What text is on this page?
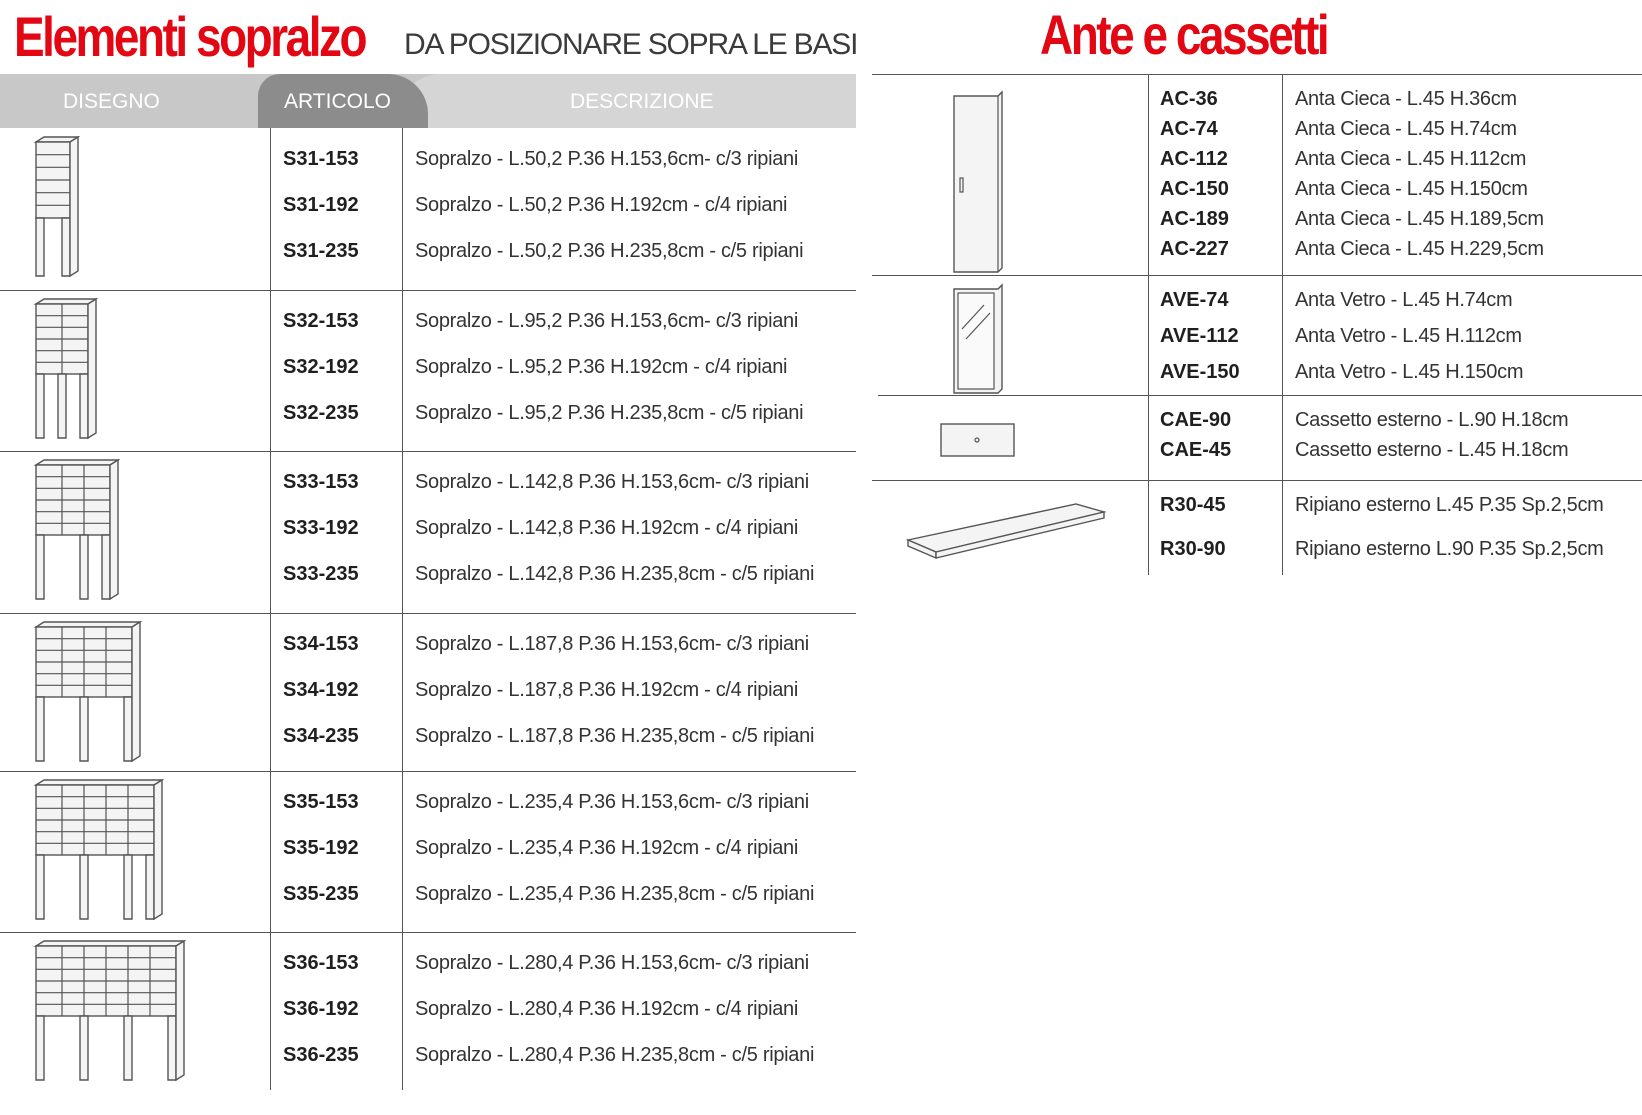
Elementi sopralzo	DA POSIZIONARE SOPRA LE BASI
DISEGNO	ARTICOLO	DESCRIZIONE
S31-153	Sopralzo - L.50,2 P.36 H.153,6cm- c/3 ripiani
S31-192	Sopralzo - L.50,2 P.36 H.192cm - c/4 ripiani
S31-235	Sopralzo - L.50,2 P.36 H.235,8cm - c/5 ripiani
S32-153	Sopralzo - L.95,2 P.36 H.153,6cm- c/3 ripiani
S32-192	Sopralzo - L.95,2 P.36 H.192cm - c/4 ripiani
S32-235	Sopralzo - L.95,2 P.36 H.235,8cm - c/5 ripiani
S33-153	Sopralzo - L.142,8 P.36 H.153,6cm- c/3 ripiani
S33-192	Sopralzo - L.142,8 P.36 H.192cm - c/4 ripiani
S33-235	Sopralzo - L.142,8 P.36 H.235,8cm - c/5 ripiani
S34-153	Sopralzo - L.187,8 P.36 H.153,6cm- c/3 ripiani
S34-192	Sopralzo - L.187,8 P.36 H.192cm - c/4 ripiani
S34-235	Sopralzo - L.187,8 P.36 H.235,8cm - c/5 ripiani
S35-153	Sopralzo - L.235,4 P.36 H.153,6cm- c/3 ripiani
S35-192	Sopralzo - L.235,4 P.36 H.192cm - c/4 ripiani
S35-235	Sopralzo - L.235,4 P.36 H.235,8cm - c/5 ripiani
S36-153	Sopralzo - L.280,4 P.36 H.153,6cm- c/3 ripiani
S36-192	Sopralzo - L.280,4 P.36 H.192cm - c/4 ripiani
S36-235	Sopralzo - L.280,4 P.36 H.235,8cm - c/5 ripiani
Ante e cassetti
AC-36	Anta Cieca - L.45 H.36cm
AC-74	Anta Cieca - L.45 H.74cm
AC-112	Anta Cieca - L.45 H.112cm
AC-150	Anta Cieca - L.45 H.150cm
AC-189	Anta Cieca - L.45 H.189,5cm
AC-227	Anta Cieca - L.45 H.229,5cm
AVE-74	Anta Vetro - L.45 H.74cm
AVE-112	Anta Vetro - L.45 H.112cm
AVE-150	Anta Vetro - L.45 H.150cm
CAE-90	Cassetto esterno - L.90 H.18cm
CAE-45	Cassetto esterno - L.45 H.18cm
R30-45	Ripiano esterno L.45 P.35 Sp.2,5cm
R30-90	Ripiano esterno L.90 P.35 Sp.2,5cm
